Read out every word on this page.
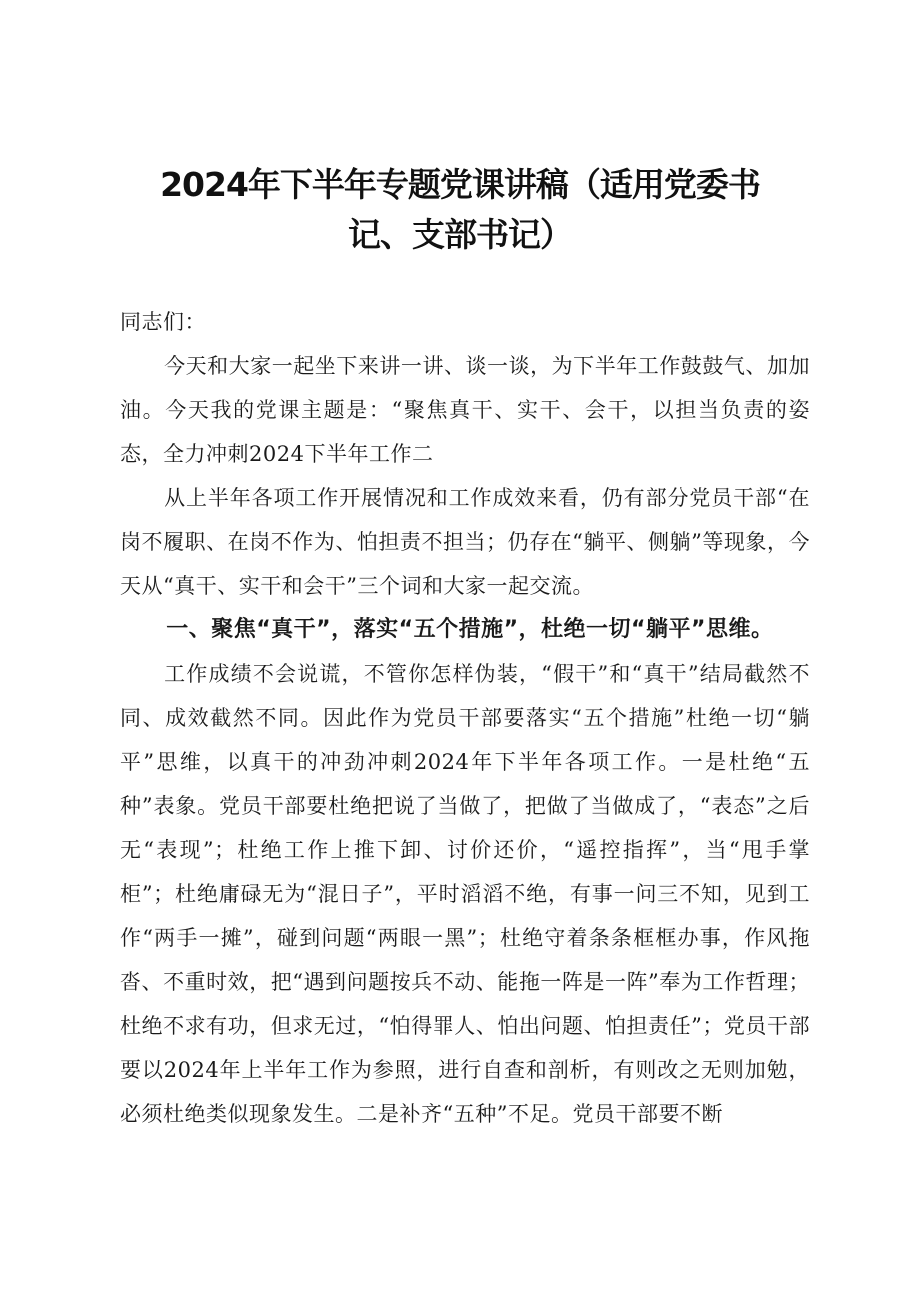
2024年下半年专题党课讲稿（适用党委书
记、支部书记）

同志们：

今天和大家一起坐下来讲一讲、谈一谈，为下半年工作鼓鼓气、加加油。今天我的党课主题是：“聚焦真干、实干、会干，以担当负责的姿态，全力冲刺2024下半年工作二

从上半年各项工作开展情况和工作成效来看，仍有部分党员干部“在岗不履职、在岗不作为、怕担责不担当；仍存在“躺平、侧躺”等现象，今天从“真干、实干和会干”三个词和大家一起交流。

一、聚焦“真干”，落实“五个措施”，杜绝一切“躺平”思维。

工作成绩不会说谎，不管你怎样伪装，“假干”和“真干”结局截然不同、成效截然不同。因此作为党员干部要落实“五个措施”杜绝一切“躺平”思维，以真干的冲劲冲刺2024年下半年各项工作。一是杜绝“五种”表象。党员干部要杜绝把说了当做了，把做了当做成了，“表态”之后无“表现”；杜绝工作上推下卸、讨价还价，“遥控指挥”，当“甩手掌柜”；杜绝庸碌无为“混日子”，平时滔滔不绝，有事一问三不知，见到工作“两手一摊”，碰到问题“两眼一黑”；杜绝守着条条框框办事，作风拖沓、不重时效，把“遇到问题按兵不动、能拖一阵是一阵”奉为工作哲理；杜绝不求有功，但求无过，“怕得罪人、怕出问题、怕担责任”；党员干部要以2024年上半年工作为参照，进行自查和剖析，有则改之无则加勉，必须杜绝类似现象发生。二是补齐“五种”不足。党员干部要不断
